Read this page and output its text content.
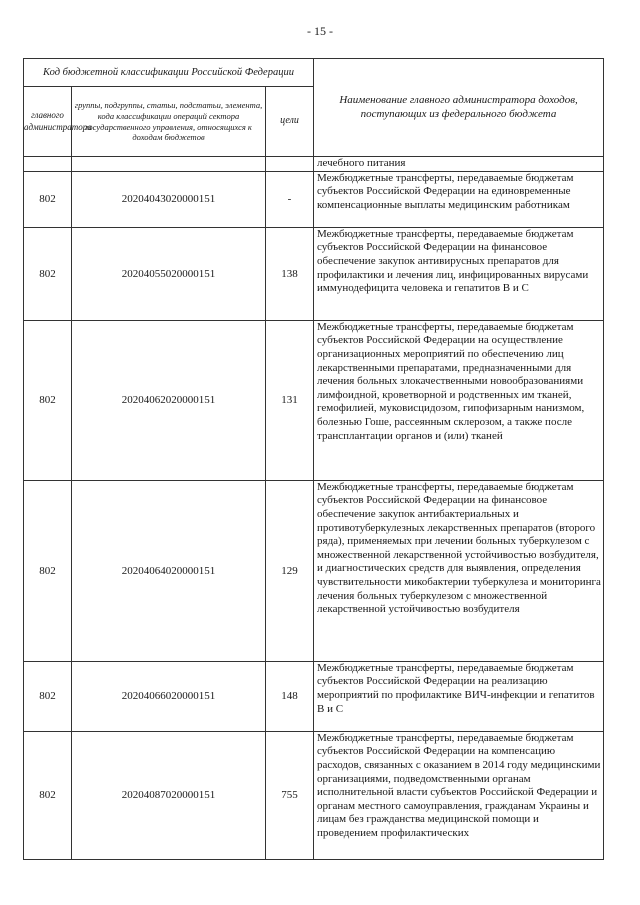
- 15 -
Код бюджетной классификации Российской Федерации			Наименование главного администратора доходов, поступающих из федерального бюджета
главного администратора	группы, подгруппы, статьи, подстатьи, элемента, кода классификации операций сектора государственного управления, относящихся к доходам бюджетов	цели	
			лечебного питания
802	20204043020000151	-	Межбюджетные трансферты, передаваемые бюджетам субъектов Российской Федерации на единовременные компенсационные выплаты медицинским работникам
802	20204055020000151	138	Межбюджетные трансферты, передаваемые бюджетам субъектов Российской Федерации на финансовое обеспечение закупок антивирусных препаратов для профилактики и лечения лиц, инфицированных вирусами иммунодефицита человека и гепатитов В и С
802	20204062020000151	131	Межбюджетные трансферты, передаваемые бюджетам субъектов Российской Федерации на осуществление организационных мероприятий по обеспечению лиц лекарственными препаратами, предназначенными для лечения больных злокачественными новообразованиями лимфоидной, кроветворной и родственных им тканей, гемофилией, муковисцидозом, гипофизарным нанизмом, болезнью Гоше, рассеянным склерозом, а также после трансплантации органов и (или) тканей
802	20204064020000151	129	Межбюджетные трансферты, передаваемые бюджетам субъектов Российской Федерации на финансовое обеспечение закупок антибактериальных и противотуберкулезных лекарственных препаратов (второго ряда), применяемых при лечении больных туберкулезом с множественной лекарственной устойчивостью возбудителя, и диагностических средств для выявления, определения чувствительности микобактерии туберкулеза и мониторинга лечения больных туберкулезом с множественной лекарственной устойчивостью возбудителя
802	20204066020000151	148	Межбюджетные трансферты, передаваемые бюджетам субъектов Российской Федерации на реализацию мероприятий по профилактике ВИЧ-инфекции и гепатитов В и С
802	20204087020000151	755	Межбюджетные трансферты, передаваемые бюджетам субъектов Российской Федерации на компенсацию расходов, связанных с оказанием в 2014 году медицинскими организациями, подведомственными органам исполнительной власти субъектов Российской Федерации и органам местного самоуправления, гражданам Украины и лицам без гражданства медицинской помощи и проведением профилактических
